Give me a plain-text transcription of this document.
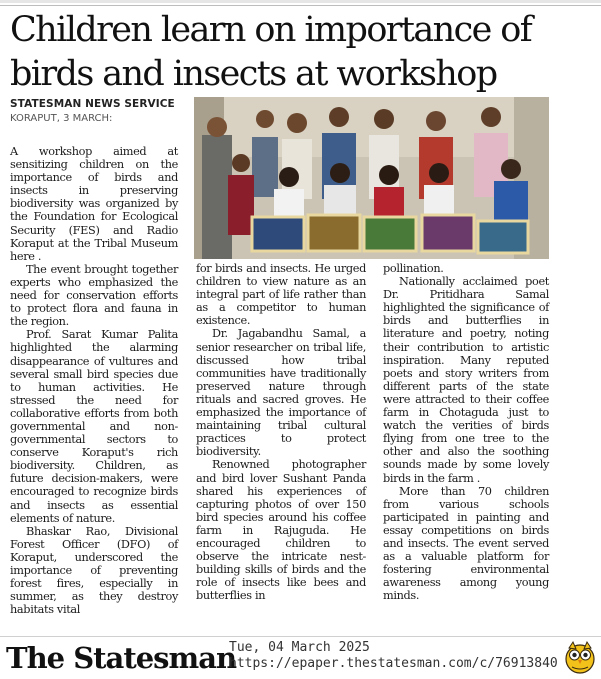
Children learn on importance of birds and insects at workshop
STATESMAN NEWS SERVICE
KORAPUT, 3 MARCH:

A workshop aimed at sensitizing children on the importance of birds and insects in preserving biodiversity was organized by the Foundation for Ecological Security (FES) and Radio Koraput at the Tribal Museum here .

The event brought together experts who emphasized the need for conservation efforts to protect flora and fauna in the region.

Prof. Sarat Kumar Palita highlighted the alarming disappearance of vultures and several small bird species due to human activities. He stressed the need for collaborative efforts from both governmental and non-governmental sectors to conserve Koraput's rich biodiversity. Children, as future decision-makers, were encouraged to recognize birds and insects as essential elements of nature.

Bhaskar Rao, Divisional Forest Officer (DFO) of Koraput, underscored the importance of preventing forest fires, especially in summer, as they destroy habitats vital

for birds and insects. He urged children to view nature as an integral part of life rather than as a competitor to human existence.

Dr. Jagabandhu Samal, a senior researcher on tribal life, discussed how tribal communities have traditionally preserved nature through rituals and sacred groves. He emphasized the importance of maintaining tribal cultural practices to protect biodiversity.

Renowned photographer and bird lover Sushant Panda shared his experiences of capturing photos of over 150 bird species around his coffee farm in Rajuguda. He encouraged children to observe the intricate nest-building skills of birds and the role of insects like bees and butterflies in

pollination.

Nationally acclaimed poet Dr. Pritidhara Samal highlighted the significance of birds and butterflies in literature and poetry, noting their contribution to artistic inspiration. Many reputed poets and story writers from different parts of the state were attracted to their coffee farm in Chotaguda just to watch the verities of birds flying from one tree to the other and also the soothing sounds made by some lovely birds in the farm .

More than 70 children from various schools participated in painting and essay competitions on birds and insects. The event served as a valuable platform for fostering environmental awareness among young minds.

The Statesman
Tue, 04 March 2025
https://epaper.thestatesman.com/c/76913840
